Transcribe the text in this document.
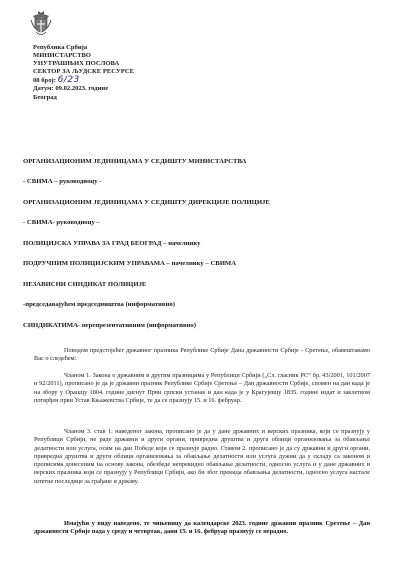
Република Србија
МИНИСТАРСТВО
УНУТРАШЊИХ ПОСЛОВА
СЕКТОР ЗА ЉУДСКЕ РЕСУРСЕ
08 број: 6/23
Датум: 09.02.2023. године
Београд
ОРГАНИЗАЦИОНИМ ЈЕДИНИЦАМА У СЕДИШТУ МИНИСТАРСТВА
- СВИМА – руководиоцу -
ОРГАНИЗАЦИОНИМ ЈЕДИНИЦАМА У СЕДИШТУ ДИРЕКЦИЈЕ ПОЛИЦИЈЕ
- СВИМА- руководиоцу –
ПОЛИЦИЈСКА УПРАВА ЗА ГРАД БЕОГРАД – начелнику
ПОДРУЧНИМ ПОЛИЦИЈСКИМ УПРАВАМА – начелнику – СВИМА
НЕЗАВИСНИ СИНДИКАТ ПОЛИЦИЈЕ
-председавајућем председништва (информативно)
СИНДИКАТИМА- нерепрезентативним (информативно)
Поводом предстојећег државног празника Републике Србије Дана државности Србије - Сретење, обавештавамо Вас о следећем:
Чланом 1. Закона о државним и другим празницима у Републици Србији („Сл. гласник РС“ бр. 43/2001, 101/2007 и 92/2011), прописано је да је државни празник Републике Србије Сретење – Дан државности Србије, спомен на дан када је на збору у Орашцу 1804. године дигнут Први српски устанак и дан када је у Крагујевцу 1835. године издат и заклетвом потврђен први Устав Књажевства Србије, те да се празнују 15. и 16. фебруар.
Чланом 3. став 1. наведеног закона, прописано је да у дане државних и верских празника, који се празнују у Републици Србији, не раде државни и други органи, привредна друштва и друга облици организовања за обављање делатности или услуга, осим на дан Победе који се празнује радно. Ставом 2. прописано је да су државни и други органи, привредна друштва и други облици организовања за обављање делатности или услуга дужни да у складу са законом и прописима донесеним на основу закона, обезбеде непрекидно обављање делатности, односно услуга и у дане државних и верских празника који се празнују у Републици Србији, ако би због прекида обављања делатности, односно услуга настале штетне последице за грађане и државу.
Имајући у виду наведено, те чињеницу да календарске 2023. године државни празник Сретење – Дан државности Србије пада у среду и четвртак, дани 15. и 16. фебруар празнују се нерадно.
